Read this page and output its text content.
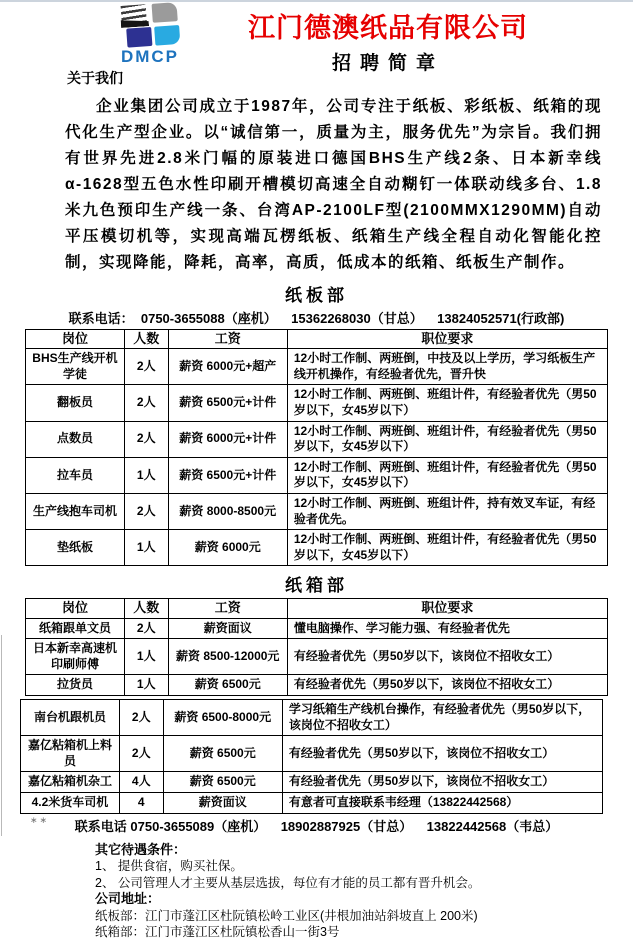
DMCP
江门德澳纸品有限公司
招聘简章
关于我们

企业集团公司成立于1987年，公司专注于纸板、彩纸板、纸箱的现代化生产型企业。以“诚信第一，质量为主，服务优先”为宗旨。我们拥有世界先进2.8米门幅的原装进口德国BHS生产线2条、日本新幸线 α-1628型五色水性印刷开槽模切高速全自动糊钉一体联动线多台、1.8米九色预印生产线一条、台湾AP-2100LF型(2100MMX1290MM)自动平压模切机等，实现高端瓦楞纸板、纸箱生产线全程自动化智能化控制，实现降能，降耗，高率，高质，低成本的纸箱、纸板生产制作。

纸板部
联系电话：  0750-3655088（座机）    15362268030（甘总）    13824052571(行政部)
岗位	人数	工资	职位要求
BHS生产线开机学徒	2人	薪资 6000元+超产	12小时工作制、两班倒，中技及以上学历，学习纸板生产线开机操作，有经验者优先，晋升快
翻板员	2人	薪资 6500元+计件	12小时工作制、两班倒、班组计件，有经验者优先（男50岁以下，女45岁以下）
点数员	2人	薪资 6000元+计件	12小时工作制、两班倒、班组计件，有经验者优先（男50岁以下，女45岁以下）
拉车员	1人	薪资 6500元+计件	12小时工作制、两班倒、班组计件，有经验者优先（男50岁以下，女45岁以下）
生产线抱车司机	2人	薪资 8000-8500元	12小时工作制、两班倒、班组计件，持有效叉车证，有经验者优先。
垫纸板	1人	薪资 6000元	12小时工作制、两班倒、班组计件，有经验者优先（男50岁以下，女45岁以下）
纸箱部
岗位	人数	工资	职位要求
纸箱跟单文员	2人	薪资面议	懂电脑操作、学习能力强、有经验者优先
日本新幸高速机印刷师傅	1人	薪资 8500-12000元	有经验者优先（男50岁以下，该岗位不招收女工）
拉货员	1人	薪资 6500元	有经验者优先（男50岁以下，该岗位不招收女工）
南台机跟机员	2人	薪资 6500-8000元	学习纸箱生产线机台操作，有经验者优先（男50岁以下，该岗位不招收女工）
嘉亿粘箱机上料员	2人	薪资 6500元	有经验者优先（男50岁以下，该岗位不招收女工）
嘉亿粘箱机杂工	4人	薪资 6500元	有经验者优先（男50岁以下，该岗位不招收女工）
4.2米货车司机	4	薪资面议	有意者可直接联系韦经理（13822442568）
联系电话 0750-3655089（座机）    18902887925（甘总）    13822442568（韦总）
其它待遇条件：
1、 提供食宿，购买社保。
2、 公司管理人才主要从基层选拔，每位有才能的员工都有晋升机会。
公司地址：
纸板部：江门市蓬江区杜阮镇松岭工业区(井根加油站斜坡直上 200米)
纸箱部：江门市蓬江区杜阮镇松香山一街3号
∗∗
